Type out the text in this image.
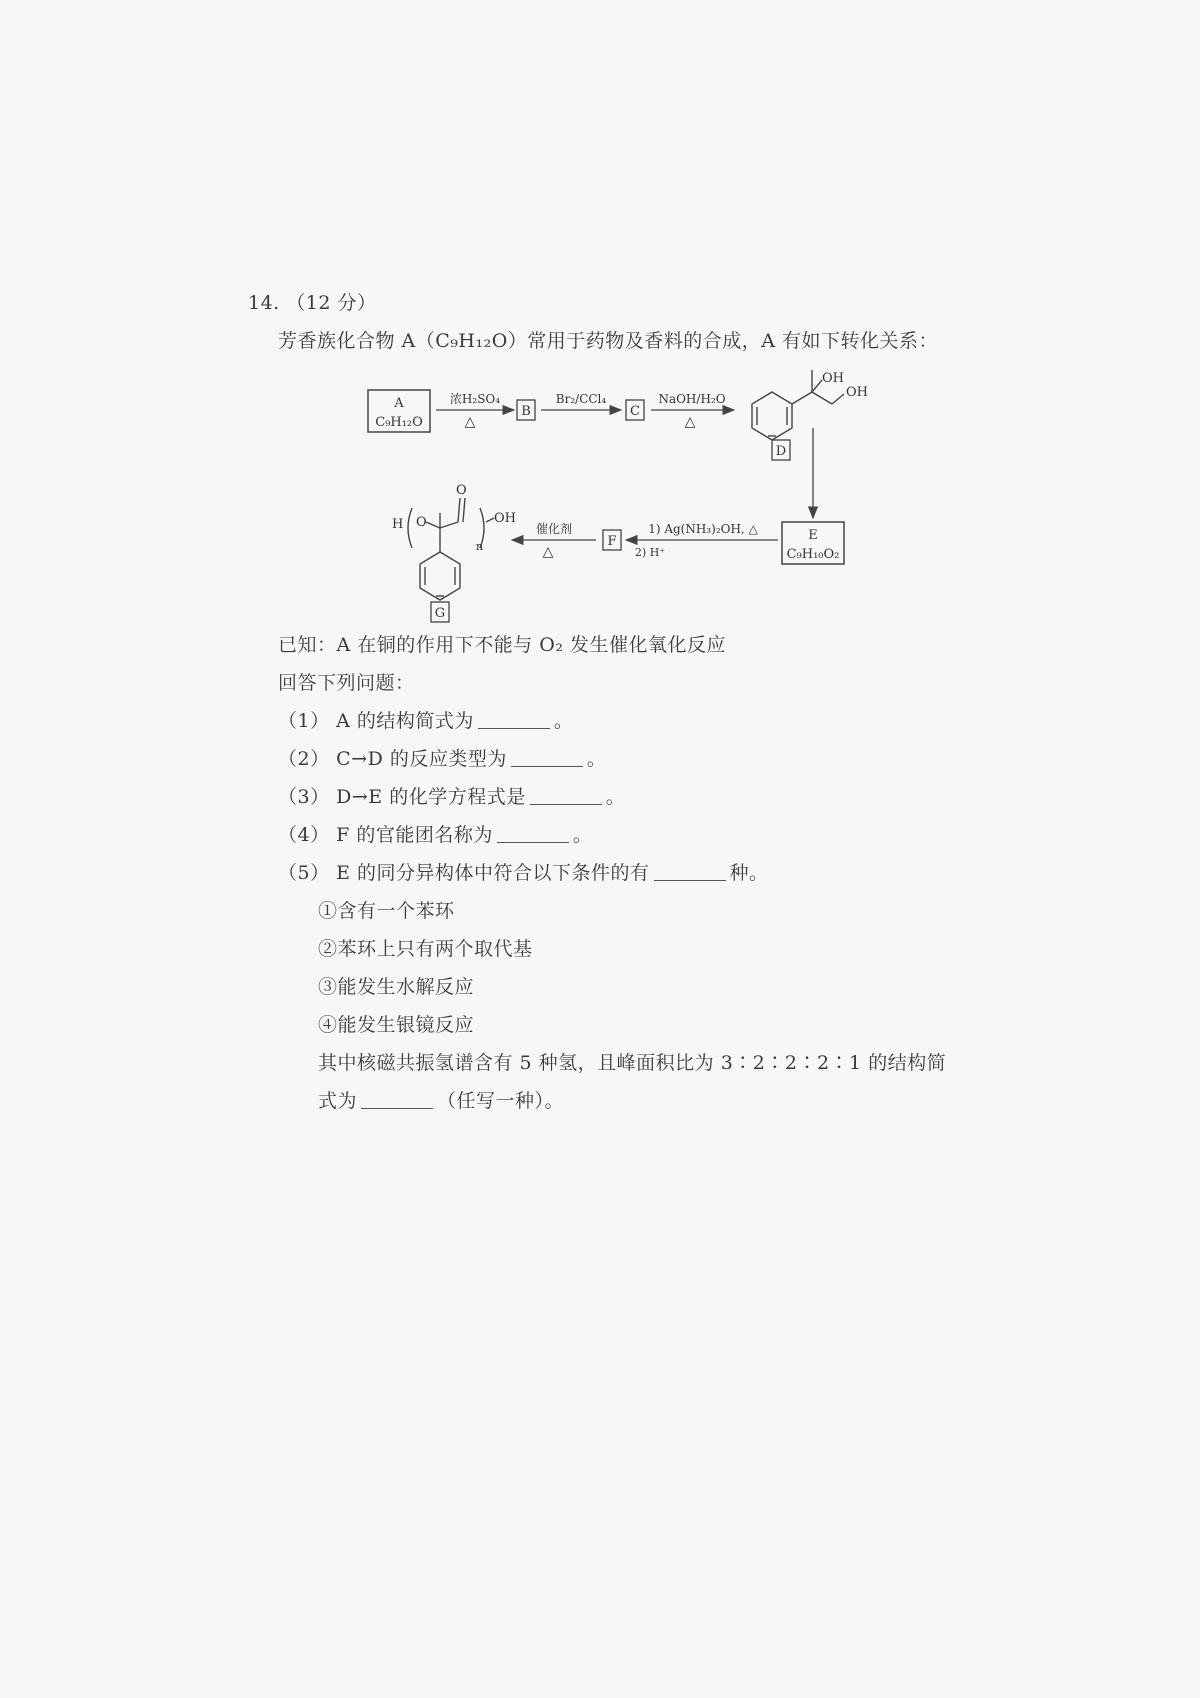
14. （12 分）
芳香族化合物 A（C₉H₁₂O）常用于药物及香料的合成，A 有如下转化关系：
A
C₉H₁₂O
浓H₂SO₄
△
B
Br₂/CCl₄
C
NaOH/H₂O
△
OH
OH
D
E
C₉H₁₀O₂
1) Ag(NH₃)₂OH, △
2) H⁺
F
催化剂
△
H O
O
n
OH
G
已知：A 在铜的作用下不能与 O₂ 发生催化氧化反应
回答下列问题：
（1） A 的结构简式为	。
（2） C→D 的反应类型为	。
（3） D→E 的化学方程式是	。
（4） F 的官能团名称为	。
（5） E 的同分异构体中符合以下条件的有	种。
①含有一个苯环
②苯环上只有两个取代基
③能发生水解反应
④能发生银镜反应
其中核磁共振氢谱含有 5 种氢，且峰面积比为 3∶2∶2∶2∶1 的结构简
式为	（任写一种）。
